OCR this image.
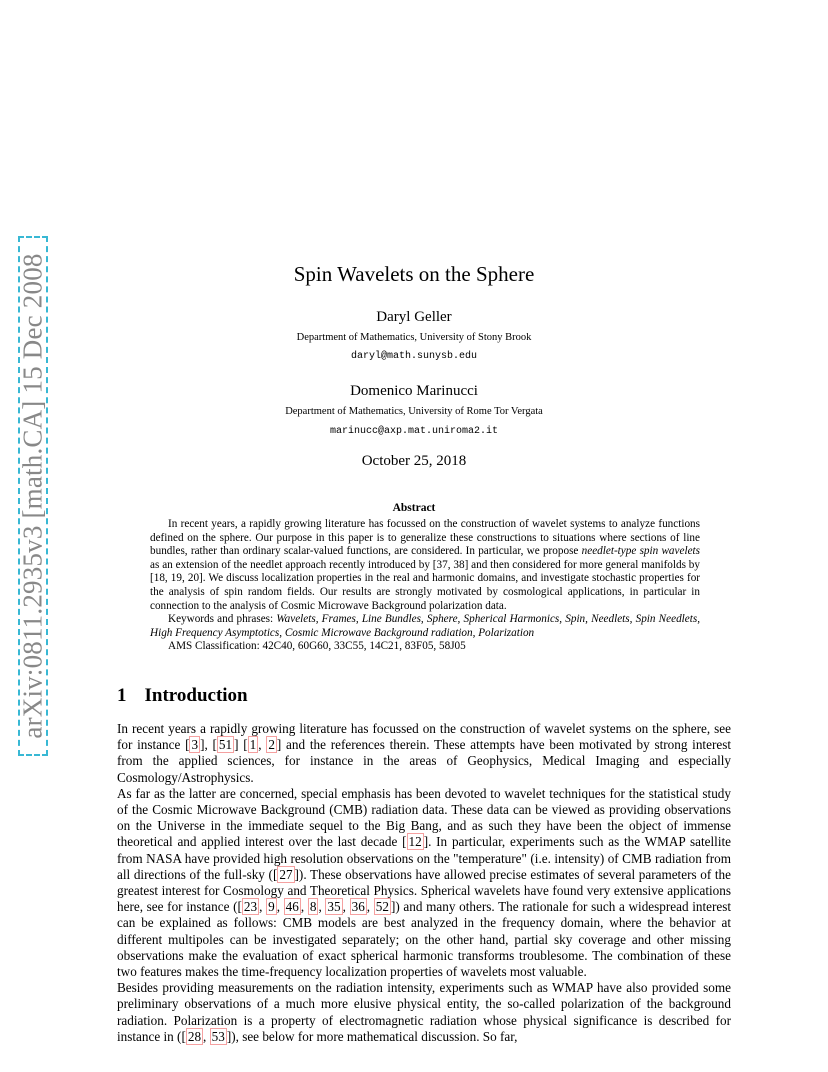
arXiv:0811.2935v3 [math.CA] 15 Dec 2008	Spin Wavelets on the Sphere
Daryl Geller
Department of Mathematics, University of Stony Brook
daryl@math.sunysb.edu
Domenico Marinucci
Department of Mathematics, University of Rome Tor Vergata
marinucc@axp.mat.uniroma2.it
October 25, 2018
Abstract

In recent years, a rapidly growing literature has focussed on the construction of wavelet systems to analyze functions defined on the sphere. Our purpose in this paper is to generalize these constructions to situations where sections of line bundles, rather than ordinary scalar-valued functions, are considered. In particular, we propose needlet-type spin wavelets as an extension of the needlet approach recently introduced by [37, 38] and then considered for more general manifolds by [18, 19, 20]. We discuss localization properties in the real and harmonic domains, and investigate stochastic properties for the analysis of spin random fields. Our results are strongly motivated by cosmological applications, in particular in connection to the analysis of Cosmic Microwave Background polarization data.

Keywords and phrases: Wavelets, Frames, Line Bundles, Sphere, Spherical Harmonics, Spin, Needlets, Spin Needlets, High Frequency Asymptotics, Cosmic Microwave Background radiation, Polarization

AMS Classification: 42C40, 60G60, 33C55, 14C21, 83F05, 58J05

1 Introduction

In recent years a rapidly growing literature has focussed on the construction of wavelet systems on the sphere, see for instance [ 3 ], [ 51 ] [ 1 , 2 ] and the references therein. These attempts have been motivated by strong interest from the applied sciences, for instance in the areas of Geophysics, Medical Imaging and especially Cosmology/Astrophysics.

As far as the latter are concerned, special emphasis has been devoted to wavelet techniques for the statistical study of the Cosmic Microwave Background (CMB) radiation data. These data can be viewed as providing observations on the Universe in the immediate sequel to the Big Bang, and as such they have been the object of immense theoretical and applied interest over the last decade [ 12 ]. In particular, experiments such as the WMAP satellite from NASA have provided high resolution observations on the "temperature" (i.e. intensity) of CMB radiation from all directions of the full-sky ([ 27 ]). These observations have allowed precise estimates of several parameters of the greatest interest for Cosmology and Theoretical Physics. Spherical wavelets have found very extensive applications here, see for instance ([ 23 , 9 , 46 , 8 , 35 , 36 , 52 ]) and many others. The rationale for such a widespread interest can be explained as follows: CMB models are best analyzed in the frequency domain, where the behavior at different multipoles can be investigated separately; on the other hand, partial sky coverage and other missing observations make the evaluation of exact spherical harmonic transforms troublesome. The combination of these two features makes the time-frequency localization properties of wavelets most valuable.

Besides providing measurements on the radiation intensity, experiments such as WMAP have also provided some preliminary observations of a much more elusive physical entity, the so-called polarization of the background radiation. Polarization is a property of electromagnetic radiation whose physical significance is described for instance in ([ 28 , 53 ]), see below for more mathematical discussion. So far,
